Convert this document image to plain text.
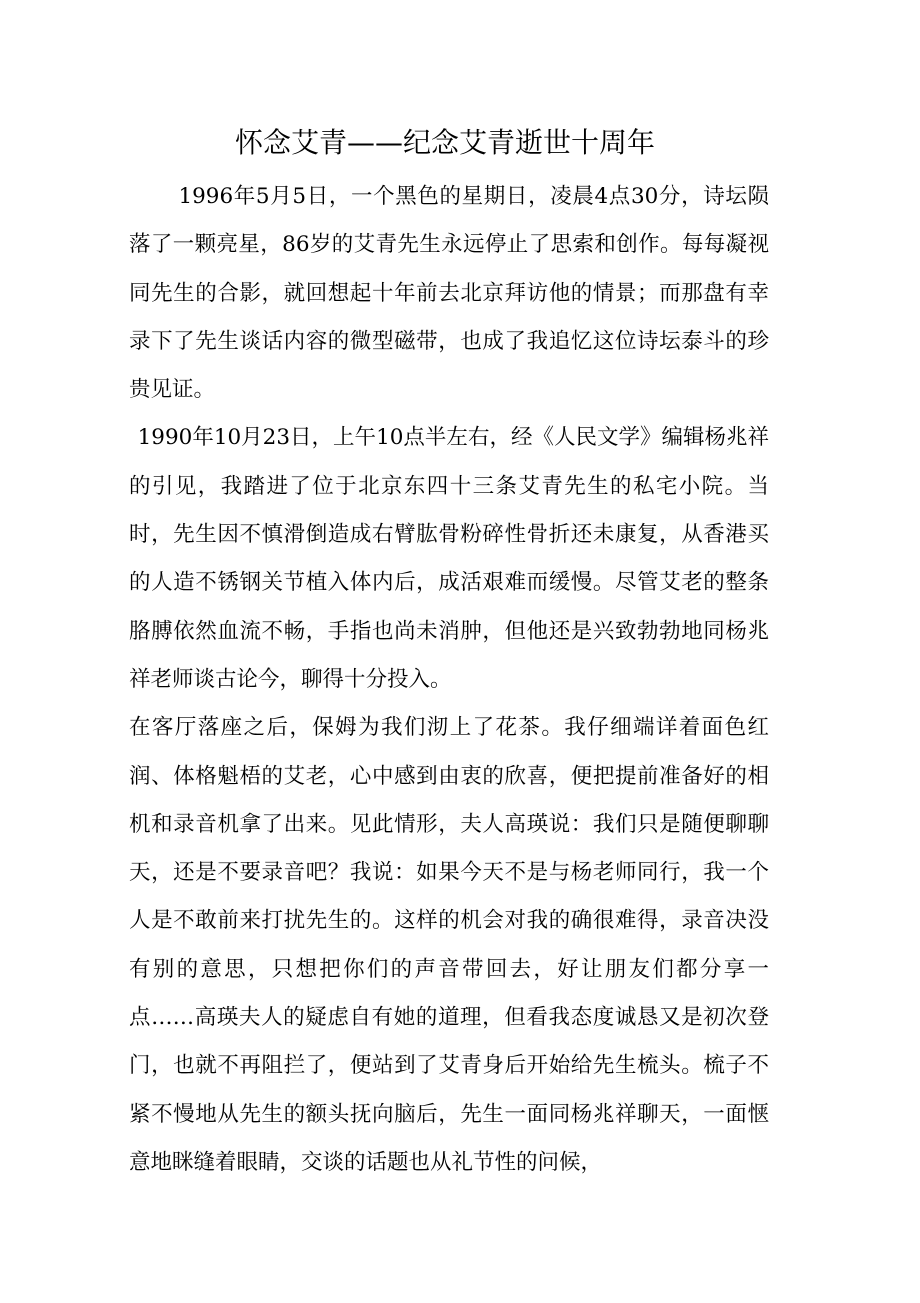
怀念艾青——纪念艾青逝世十周年

1996年5月5日，一个黑色的星期日，凌晨4点30分，诗坛陨落了一颗亮星，86岁的艾青先生永远停止了思索和创作。每每凝视同先生的合影，就回想起十年前去北京拜访他的情景；而那盘有幸录下了先生谈话内容的微型磁带，也成了我追忆这位诗坛泰斗的珍贵见证。

1990年10月23日，上午10点半左右，经《人民文学》编辑杨兆祥的引见，我踏进了位于北京东四十三条艾青先生的私宅小院。当时，先生因不慎滑倒造成右臂肱骨粉碎性骨折还未康复，从香港买的人造不锈钢关节植入体内后，成活艰难而缓慢。尽管艾老的整条胳膊依然血流不畅，手指也尚未消肿，但他还是兴致勃勃地同杨兆祥老师谈古论今，聊得十分投入。

在客厅落座之后，保姆为我们沏上了花茶。我仔细端详着面色红润、体格魁梧的艾老，心中感到由衷的欣喜，便把提前准备好的相机和录音机拿了出来。见此情形，夫人高瑛说：我们只是随便聊聊天，还是不要录音吧？我说：如果今天不是与杨老师同行，我一个人是不敢前来打扰先生的。这样的机会对我的确很难得，录音决没有别的意思，只想把你们的声音带回去，好让朋友们都分享一点……高瑛夫人的疑虑自有她的道理，但看我态度诚恳又是初次登门，也就不再阻拦了，便站到了艾青身后开始给先生梳头。梳子不紧不慢地从先生的额头抚向脑后，先生一面同杨兆祥聊天，一面惬意地眯缝着眼睛，交谈的话题也从礼节性的问候，
